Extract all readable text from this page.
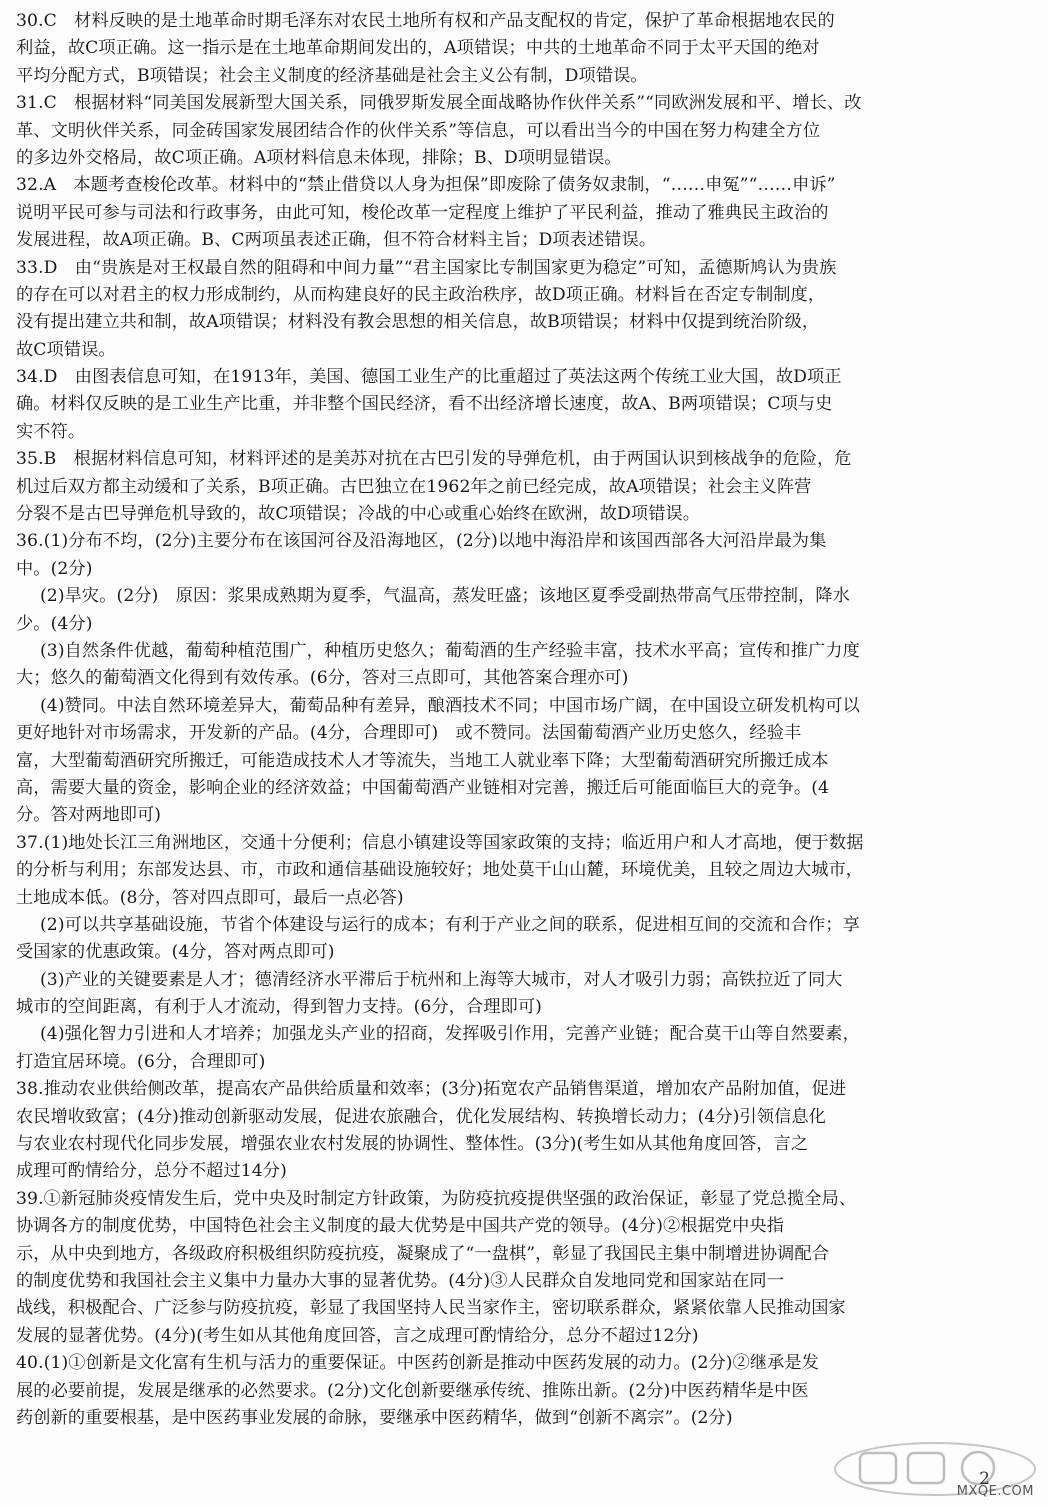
30.C　材料反映的是土地革命时期毛泽东对农民土地所有权和产品支配权的肯定，保护了革命根据地农民的
利益，故C项正确。这一指示是在土地革命期间发出的，A项错误；中共的土地革命不同于太平天国的绝对
平均分配方式，B项错误；社会主义制度的经济基础是社会主义公有制，D项错误。
31.C　根据材料“同美国发展新型大国关系，同俄罗斯发展全面战略协作伙伴关系”“同欧洲发展和平、增长、改
革、文明伙伴关系，同金砖国家发展团结合作的伙伴关系”等信息，可以看出当今的中国在努力构建全方位
的多边外交格局，故C项正确。A项材料信息未体现，排除；B、D项明显错误。
32.A　本题考查梭伦改革。材料中的“禁止借贷以人身为担保”即废除了债务奴隶制，“……申冤”“……申诉”
说明平民可参与司法和行政事务，由此可知，梭伦改革一定程度上维护了平民利益，推动了雅典民主政治的
发展进程，故A项正确。B、C两项虽表述正确，但不符合材料主旨；D项表述错误。
33.D　由“贵族是对王权最自然的阻碍和中间力量”“君主国家比专制国家更为稳定”可知，孟德斯鸠认为贵族
的存在可以对君主的权力形成制约，从而构建良好的民主政治秩序，故D项正确。材料旨在否定专制制度，
没有提出建立共和制，故A项错误；材料没有教会思想的相关信息，故B项错误；材料中仅提到统治阶级，
故C项错误。
34.D　由图表信息可知，在1913年，美国、德国工业生产的比重超过了英法这两个传统工业大国，故D项正
确。材料仅反映的是工业生产比重，并非整个国民经济，看不出经济增长速度，故A、B两项错误；C项与史
实不符。
35.B　根据材料信息可知，材料评述的是美苏对抗在古巴引发的导弹危机，由于两国认识到核战争的危险，危
机过后双方都主动缓和了关系，B项正确。古巴独立在1962年之前已经完成，故A项错误；社会主义阵营
分裂不是古巴导弹危机导致的，故C项错误；冷战的中心或重心始终在欧洲，故D项错误。
36.(1)分布不均，(2分)主要分布在该国河谷及沿海地区，(2分)以地中海沿岸和该国西部各大河沿岸最为集
中。(2分)
(2)旱灾。(2分)　原因：浆果成熟期为夏季，气温高，蒸发旺盛；该地区夏季受副热带高气压带控制，降水
少。(4分)
(3)自然条件优越，葡萄种植范围广，种植历史悠久；葡萄酒的生产经验丰富，技术水平高；宣传和推广力度
大；悠久的葡萄酒文化得到有效传承。(6分，答对三点即可，其他答案合理亦可)
(4)赞同。中法自然环境差异大，葡萄品种有差异，酿酒技术不同；中国市场广阔，在中国设立研发机构可以
更好地针对市场需求，开发新的产品。(4分，合理即可)　或不赞同。法国葡萄酒产业历史悠久，经验丰
富，大型葡萄酒研究所搬迁，可能造成技术人才等流失，当地工人就业率下降；大型葡萄酒研究所搬迁成本
高，需要大量的资金，影响企业的经济效益；中国葡萄酒产业链相对完善，搬迁后可能面临巨大的竞争。(4
分。答对两地即可)
37.(1)地处长江三角洲地区，交通十分便利；信息小镇建设等国家政策的支持；临近用户和人才高地，便于数据
的分析与利用；东部发达县、市，市政和通信基础设施较好；地处莫干山山麓，环境优美，且较之周边大城市，
土地成本低。(8分，答对四点即可，最后一点必答)
(2)可以共享基础设施，节省个体建设与运行的成本；有利于产业之间的联系，促进相互间的交流和合作；享
受国家的优惠政策。(4分，答对两点即可)
(3)产业的关键要素是人才；德清经济水平滞后于杭州和上海等大城市，对人才吸引力弱；高铁拉近了同大
城市的空间距离，有利于人才流动，得到智力支持。(6分，合理即可)
(4)强化智力引进和人才培养；加强龙头产业的招商，发挥吸引作用，完善产业链；配合莫干山等自然要素，
打造宜居环境。(6分，合理即可)
38.推动农业供给侧改革，提高农产品供给质量和效率；(3分)拓宽农产品销售渠道，增加农产品附加值，促进
农民增收致富；(4分)推动创新驱动发展，促进农旅融合，优化发展结构、转换增长动力；(4分)引领信息化
与农业农村现代化同步发展，增强农业农村发展的协调性、整体性。(3分)(考生如从其他角度回答，言之
成理可酌情给分，总分不超过14分)
39.①新冠肺炎疫情发生后，党中央及时制定方针政策，为防疫抗疫提供坚强的政治保证，彰显了党总揽全局、
协调各方的制度优势，中国特色社会主义制度的最大优势是中国共产党的领导。(4分)②根据党中央指
示，从中央到地方，各级政府积极组织防疫抗疫，凝聚成了“一盘棋”，彰显了我国民主集中制增进协调配合
的制度优势和我国社会主义集中力量办大事的显著优势。(4分)③人民群众自发地同党和国家站在同一
战线，积极配合、广泛参与防疫抗疫，彰显了我国坚持人民当家作主，密切联系群众，紧紧依靠人民推动国家
发展的显著优势。(4分)(考生如从其他角度回答，言之成理可酌情给分，总分不超过12分)
40.(1)①创新是文化富有生机与活力的重要保证。中医药创新是推动中医药发展的动力。(2分)②继承是发
展的必要前提，发展是继承的必然要求。(2分)文化创新要继承传统、推陈出新。(2分)中医药精华是中医
药创新的重要根基，是中医药事业发展的命脉，要继承中医药精华，做到“创新不离宗”。(2分)
2
MXQE.COM
